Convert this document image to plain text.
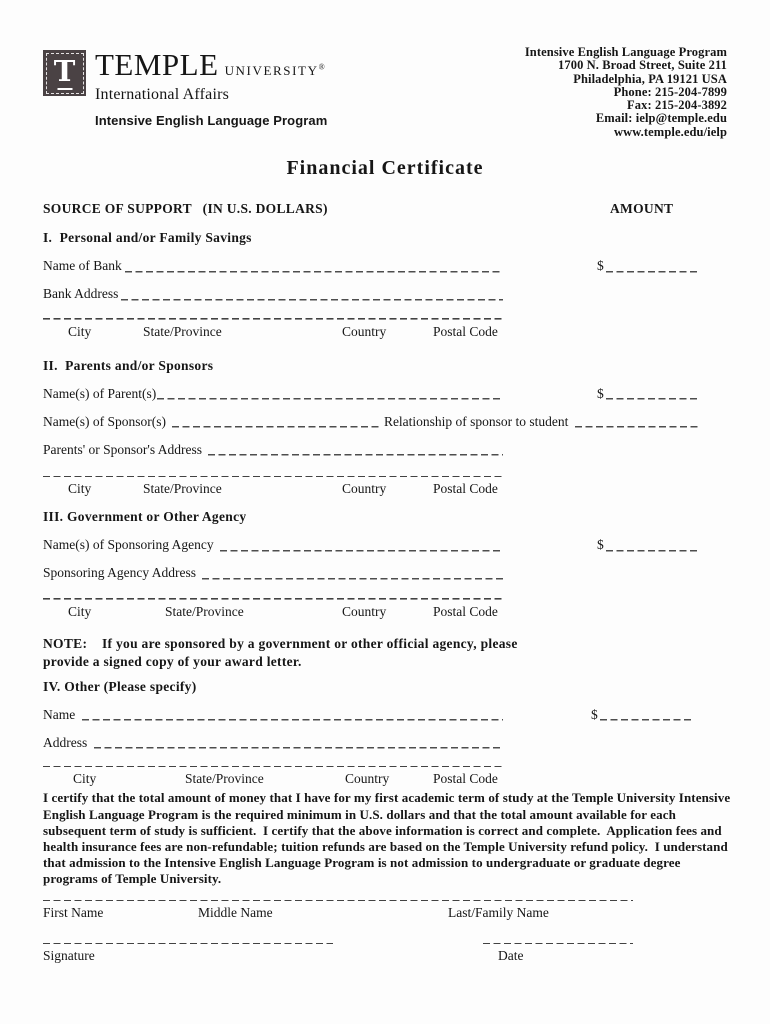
T TEMPLE UNIVERSITY®
International Affairs
Intensive English Language Program
Intensive English Language Program
1700 N. Broad Street, Suite 211
Philadelphia, PA 19121 USA
Phone: 215-204-7899
Fax: 215-204-3892
Email: ielp@temple.edu
www.temple.edu/ielp
Financial Certificate
SOURCE OF SUPPORT   (IN U.S. DOLLARS)	AMOUNT
I.  Personal and/or Family Savings
Name of Bank	$
Bank Address
City	State/Province	Country	Postal Code
II.  Parents and/or Sponsors
Name(s) of Parent(s)	$
Name(s) of Sponsor(s)	Relationship of sponsor to student
Parents' or Sponsor's Address
City	State/Province	Country	Postal Code
III. Government or Other Agency
Name(s) of Sponsoring Agency	$
Sponsoring Agency Address
City	State/Province	Country	Postal Code
NOTE:    If you are sponsored by a government or other official agency, please provide a signed copy of your award letter.
IV. Other (Please specify)
Name	$
Address
City	State/Province	Country	Postal Code
I certify that the total amount of money that I have for my first academic term of study at the Temple University Intensive English Language Program is the required minimum in U.S. dollars and that the total amount available for each subsequent term of study is sufficient.  I certify that the above information is correct and complete.  Application fees and health insurance fees are non-refundable; tuition refunds are based on the Temple University refund policy.  I understand that admission to the Intensive English Language Program is not admission to undergraduate or graduate degree programs of Temple University.
First Name	Middle Name	Last/Family Name
Signature	Date
